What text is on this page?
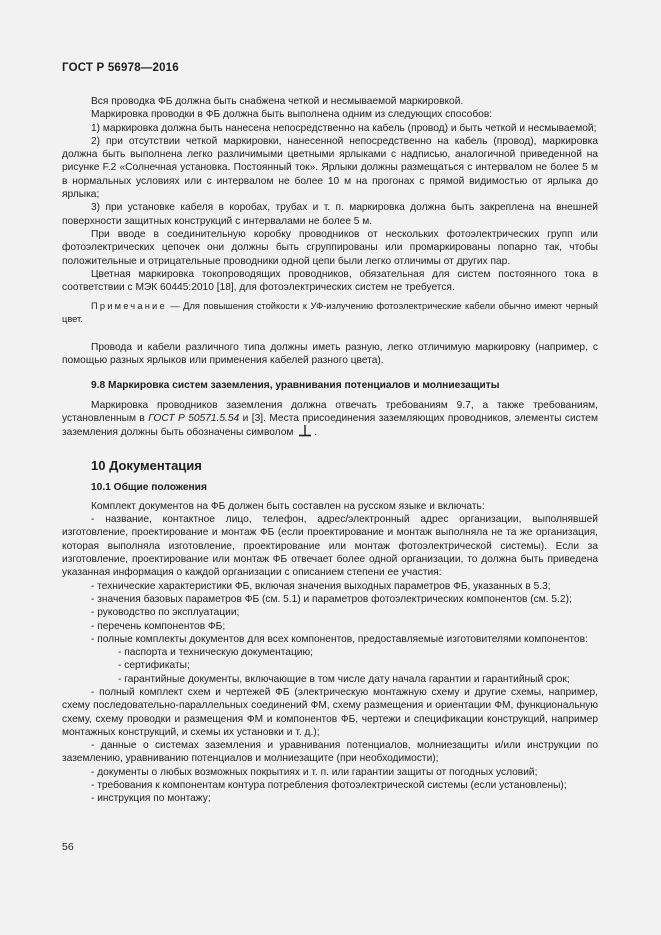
ГОСТ Р 56978—2016

Вся проводка ФБ должна быть снабжена четкой и несмываемой маркировкой.

Маркировка проводки в ФБ должна быть выполнена одним из следующих способов:

1) маркировка должна быть нанесена непосредственно на кабель (провод) и быть четкой и несмываемой;

2) при отсутствии четкой маркировки, нанесенной непосредственно на кабель (провод), маркировка должна быть выполнена легко различимыми цветными ярлыками с надписью, аналогичной приведенной на рисунке F.2 «Солнечная установка. Постоянный ток». Ярлыки должны размещаться с интервалом не более 5 м в нормальных условиях или с интервалом не более 10 м на прогонах с прямой видимостью от ярлыка до ярлыка;

3) при установке кабеля в коробах, трубах и т. п. маркировка должна быть закреплена на внешней поверхности защитных конструкций с интервалами не более 5 м.

При вводе в соединительную коробку проводников от нескольких фотоэлектрических групп или фотоэлектрических цепочек они должны быть сгруппированы или промаркированы попарно так, чтобы положительные и отрицательные проводники одной цепи были легко отличимы от других пар.

Цветная маркировка токопроводящих проводников, обязательная для систем постоянного тока в соответствии с МЭК 60445:2010 [18], для фотоэлектрических систем не требуется.

Примечание — Для повышения стойкости к УФ-излучению фотоэлектрические кабели обычно имеют черный цвет.

Провода и кабели различного типа должны иметь разную, легко отличимую маркировку (например, с помощью разных ярлыков или применения кабелей разного цвета).

9.8 Маркировка систем заземления, уравнивания потенциалов и молниезащиты

Маркировка проводников заземления должна отвечать требованиям 9.7, а также требованиям, установленным в ГОСТ Р 50571.5.54 и [3]. Места присоединения заземляющих проводников, элементы систем заземления должны быть обозначены символом .

10 Документация
10.1 Общие положения

Комплект документов на ФБ должен быть составлен на русском языке и включать:

- название, контактное лицо, телефон, адрес/электронный адрес организации, выполнявшей изготовление, проектирование и монтаж ФБ (если проектирование и монтаж выполняла не та же организация, которая выполняла изготовление, проектирование или монтаж фотоэлектрической системы). Если за изготовление, проектирование или монтаж ФБ отвечает более одной организации, то должна быть приведена указанная информация о каждой организации с описанием степени ее участия:

- технические характеристики ФБ, включая значения выходных параметров ФБ, указанных в 5.3;

- значения базовых параметров ФБ (см. 5.1) и параметров фотоэлектрических компонентов (см. 5.2);

- руководство по эксплуатации;

- перечень компонентов ФБ;

- полные комплекты документов для всех компонентов, предоставляемые изготовителями компонентов:

- паспорта и техническую документацию;

- сертификаты;

- гарантийные документы, включающие в том числе дату начала гарантии и гарантийный срок;

- полный комплект схем и чертежей ФБ (электрическую монтажную схему и другие схемы, например, схему последовательно-параллельных соединений ФМ, схему размещения и ориентации ФМ, функциональную схему, схему проводки и размещения ФМ и компонентов ФБ, чертежи и спецификации конструкций, например монтажных конструкций, и схемы их установки и т. д.);

- данные о системах заземления и уравнивания потенциалов, молниезащиты и/или инструкции по заземлению, уравниванию потенциалов и молниезащите (при необходимости);

- документы о любых возможных покрытиях и т. п. или гарантии защиты от погодных условий;

- требования к компонентам контура потребления фотоэлектрической системы (если установлены);

- инструкция по монтажу;

56
